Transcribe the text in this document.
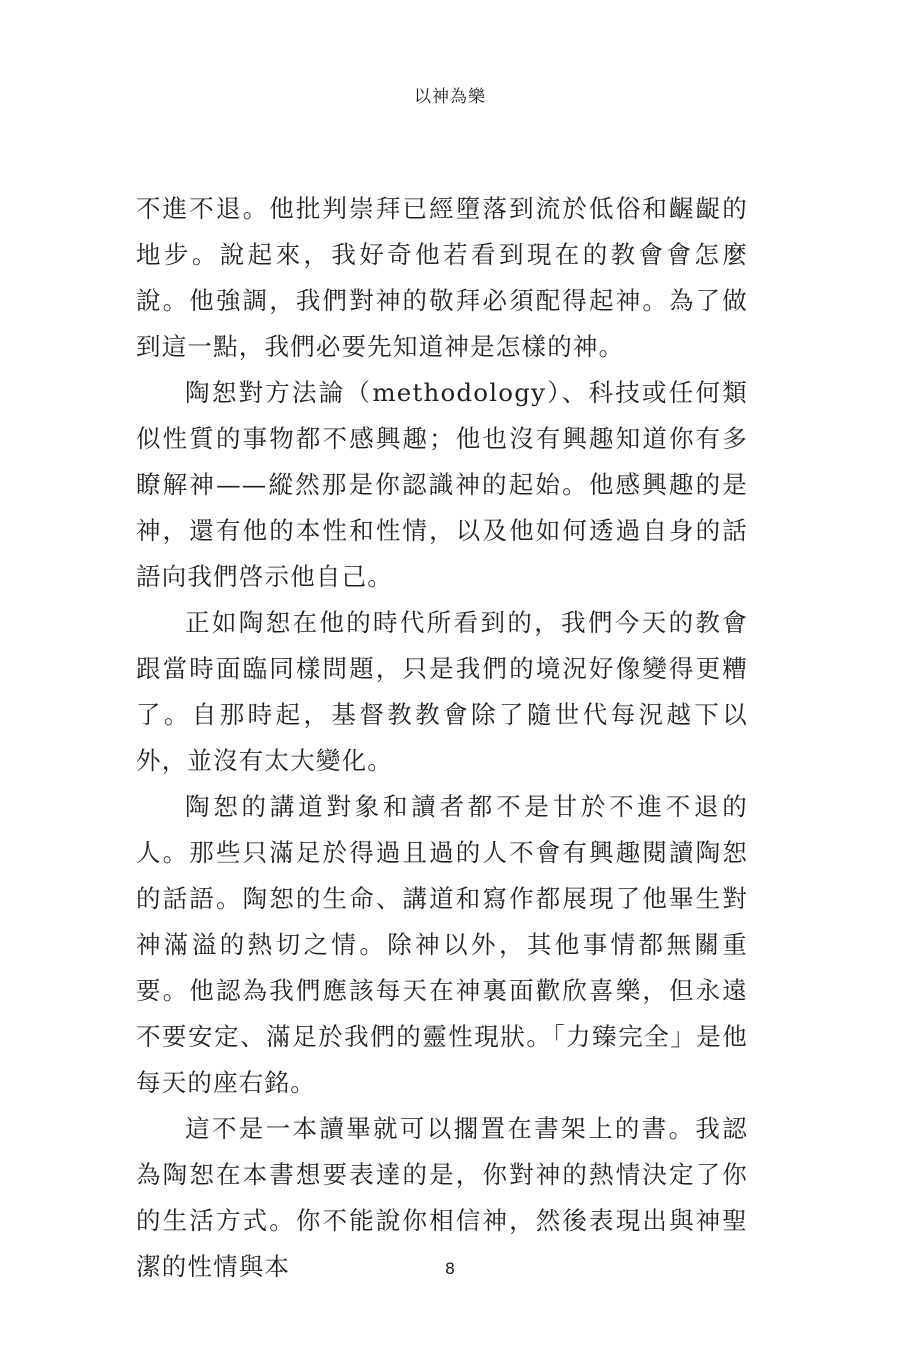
以神為樂

不進不退。他批判崇拜已經墮落到流於低俗和齷齪的地步。說起來，我好奇他若看到現在的教會會怎麼說。他強調，我們對神的敬拜必須配得起神。為了做到這一點，我們必要先知道神是怎樣的神。

陶恕對方法論（methodology）、科技或任何類似性質的事物都不感興趣；他也沒有興趣知道你有多瞭解神——縱然那是你認識神的起始。他感興趣的是神，還有他的本性和性情，以及他如何透過自身的話語向我們啓示他自己。

正如陶恕在他的時代所看到的，我們今天的教會跟當時面臨同樣問題，只是我們的境況好像變得更糟了。自那時起，基督教教會除了隨世代每況越下以外，並沒有太大變化。

陶恕的講道對象和讀者都不是甘於不進不退的人。那些只滿足於得過且過的人不會有興趣閱讀陶恕的話語。陶恕的生命、講道和寫作都展現了他畢生對神滿溢的熱切之情。除神以外，其他事情都無關重要。他認為我們應該每天在神裏面歡欣喜樂，但永遠不要安定、滿足於我們的靈性現狀。「力臻完全」是他每天的座右銘。

這不是一本讀畢就可以擱置在書架上的書。我認為陶恕在本書想要表達的是，你對神的熱情決定了你的生活方式。你不能說你相信神，然後表現出與神聖潔的性情與本	8
